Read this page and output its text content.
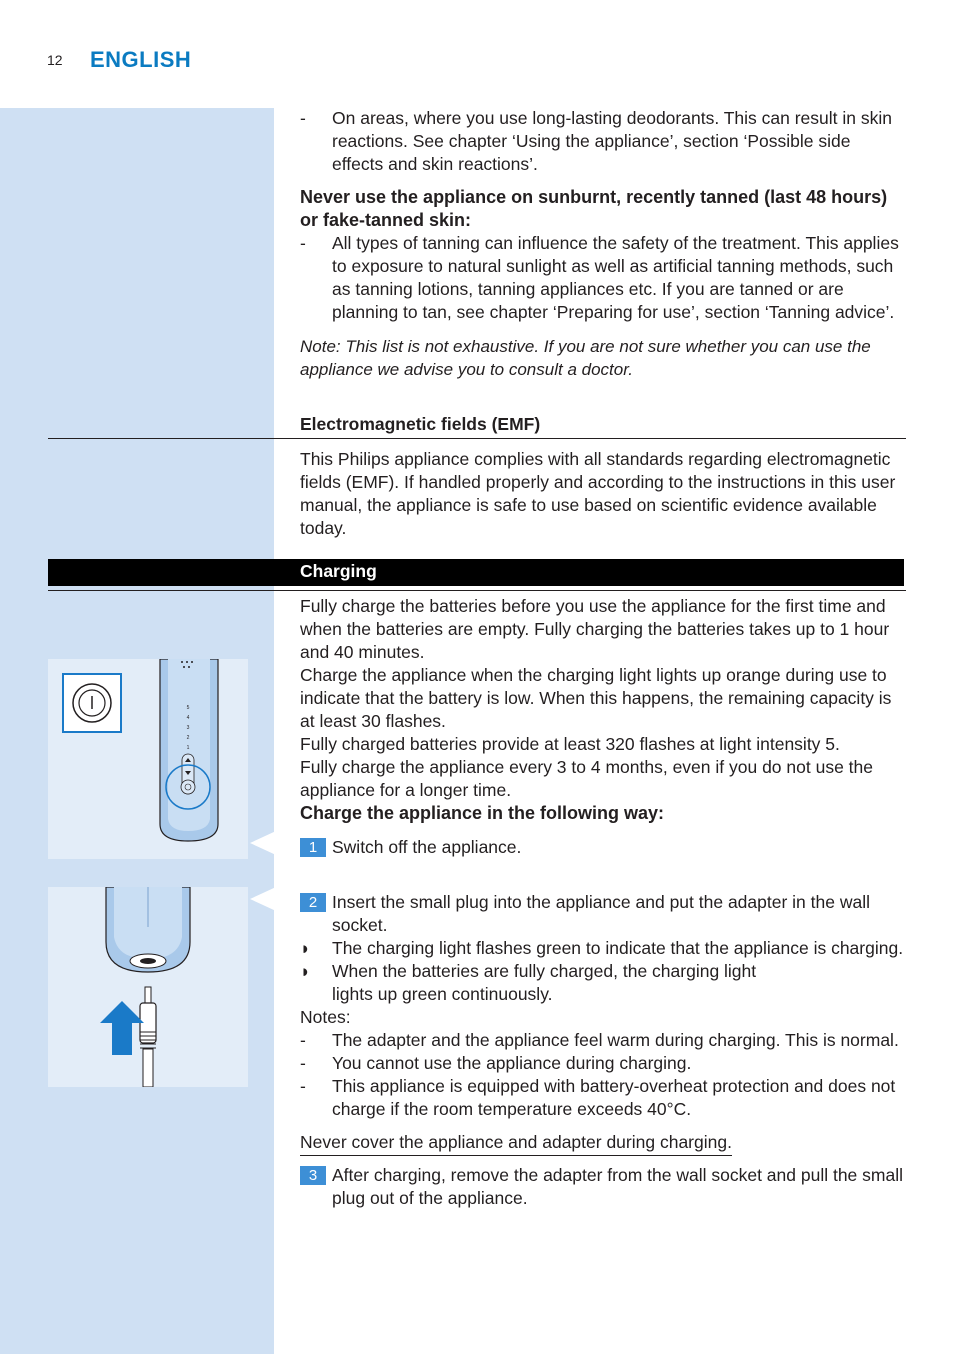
12 ENGLISH
- On areas, where you use long-lasting deodorants. This can result in skin reactions. See chapter ‘Using the appliance’, section ‘Possible side effects and skin reactions’.
Never use the appliance on sunburnt, recently tanned (last 48 hours) or fake-tanned skin:
- All types of tanning can influence the safety of the treatment. This applies to exposure to natural sunlight as well as artificial tanning methods, such as tanning lotions, tanning appliances etc. If you are tanned or are planning to tan, see chapter ‘Preparing for use’, section ‘Tanning advice’.
Note: This list is not exhaustive. If you are not sure whether you can use the appliance we advise you to consult a doctor.
Electromagnetic fields (EMF)
This Philips appliance complies with all standards regarding electromagnetic fields (EMF). If handled properly and according to the instructions in this user manual, the appliance is safe to use based on scientific evidence available today.
Charging
5
4
3
2
1
Fully charge the batteries before you use the appliance for the first time and when the batteries are empty. Fully charging the batteries takes up to 1 hour and 40 minutes.
Charge the appliance when the charging light lights up orange during use to indicate that the battery is low. When this happens, the remaining capacity is at least 30 flashes.
Fully charged batteries provide at least 320 flashes at light intensity 5.
Fully charge the appliance every 3 to 4 months, even if you do not use the appliance for a longer time.
Charge the appliance in the following way:
1 Switch off the appliance.
2 Insert the small plug into the appliance and put the adapter in the wall socket.
◗ The charging light flashes green to indicate that the appliance is charging.
◗ When the batteries are fully charged, the charging light lights up green continuously.
Notes:
- The adapter and the appliance feel warm during charging. This is normal.
- You cannot use the appliance during charging.
- This appliance is equipped with battery-overheat protection and does not charge if the room temperature exceeds 40°C.
Never cover the appliance and adapter during charging.
3 After charging, remove the adapter from the wall socket and pull the small plug out of the appliance.
